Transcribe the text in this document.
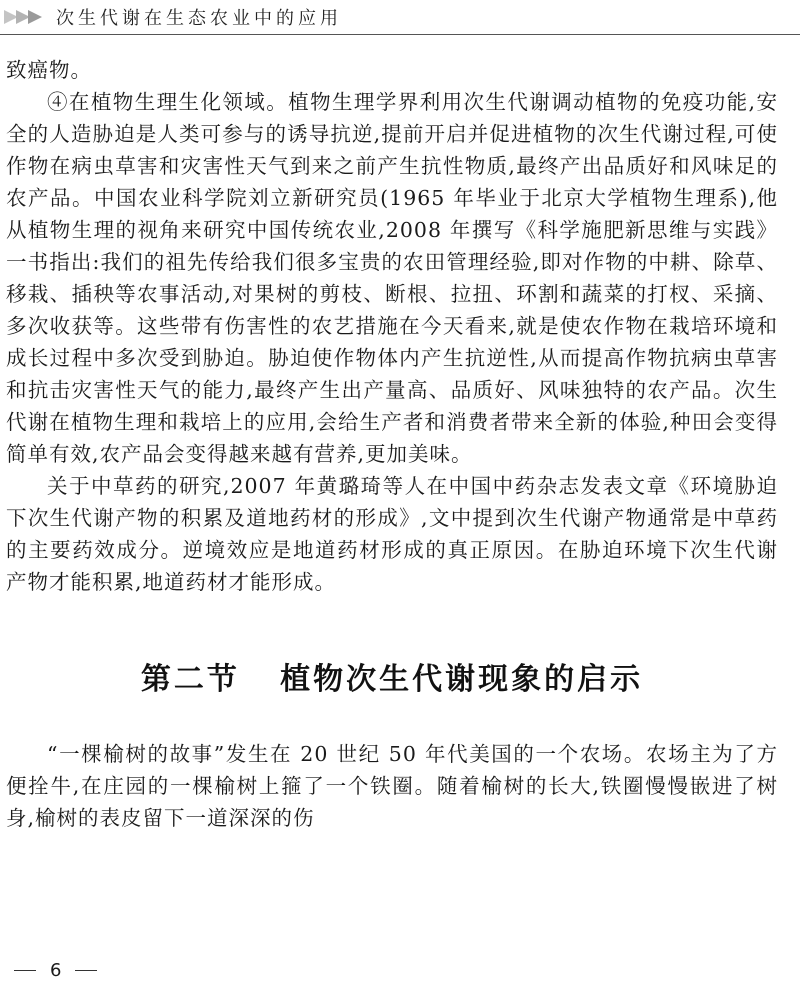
次生代谢在生态农业中的应用

致癌物。

④在植物生理生化领域。植物生理学界利用次生代谢调动植物的免疫功能,安全的人造胁迫是人类可参与的诱导抗逆,提前开启并促进植物的次生代谢过程,可使作物在病虫草害和灾害性天气到来之前产生抗性物质,最终产出品质好和风味足的农产品。中国农业科学院刘立新研究员(1965 年毕业于北京大学植物生理系),他从植物生理的视角来研究中国传统农业,2008 年撰写《科学施肥新思维与实践》一书指出:我们的祖先传给我们很多宝贵的农田管理经验,即对作物的中耕、除草、移栽、插秧等农事活动,对果树的剪枝、断根、拉扭、环割和蔬菜的打杈、采摘、多次收获等。这些带有伤害性的农艺措施在今天看来,就是使农作物在栽培环境和成长过程中多次受到胁迫。胁迫使作物体内产生抗逆性,从而提高作物抗病虫草害和抗击灾害性天气的能力,最终产生出产量高、品质好、风味独特的农产品。次生代谢在植物生理和栽培上的应用,会给生产者和消费者带来全新的体验,种田会变得简单有效,农产品会变得越来越有营养,更加美味。

关于中草药的研究,2007 年黄璐琦等人在中国中药杂志发表文章《环境胁迫下次生代谢产物的积累及道地药材的形成》,文中提到次生代谢产物通常是中草药的主要药效成分。逆境效应是地道药材形成的真正原因。在胁迫环境下次生代谢产物才能积累,地道药材才能形成。

第二节   植物次生代谢现象的启示

“一棵榆树的故事”发生在 20 世纪 50 年代美国的一个农场。农场主为了方便拴牛,在庄园的一棵榆树上箍了一个铁圈。随着榆树的长大,铁圈慢慢嵌进了树身,榆树的表皮留下一道深深的伤

6
